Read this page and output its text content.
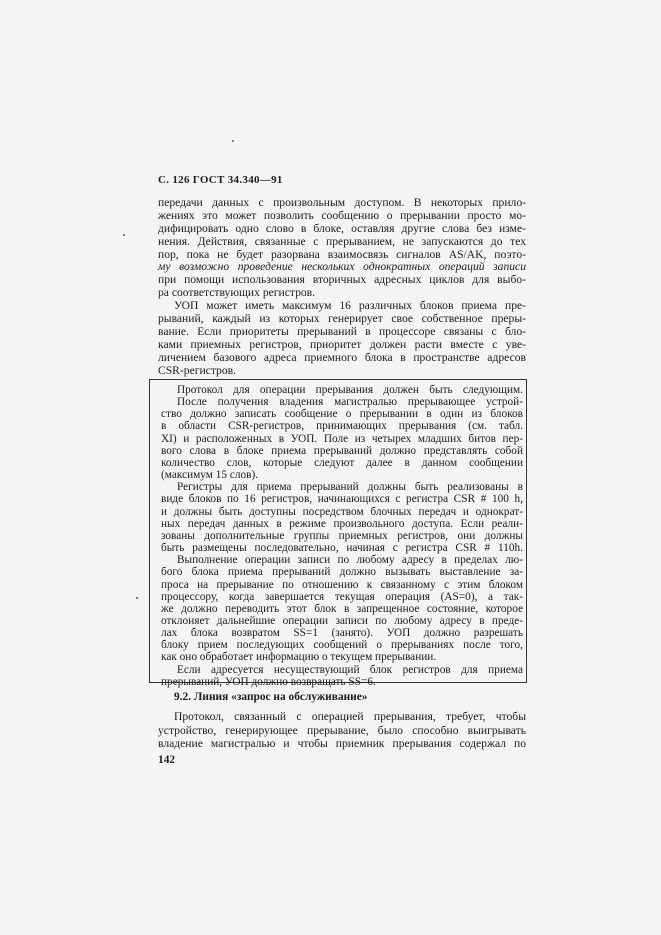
С. 126 ГОСТ 34.340—91
передачи данных с произвольным доступом. В некоторых прило-
жениях это может позволить сообщению о прерывании просто мо-
дифицировать одно слово в блоке, оставляя другие слова без изме-
нения. Действия, связанные с прерыванием, не запускаются до тех
пор, пока не будет разорвана взаимосвязь сигналов AS/AK, поэто-
му возможно проведение нескольких однократных операций записи
при помощи использования вторичных адресных циклов для выбо-
ра соответствующих регистров.
УОП может иметь максимум 16 различных блоков приема пре-
рываний, каждый из которых генерирует свое собственное преры-
вание. Если приоритеты прерываний в процессоре связаны с бло-
ками приемных регистров, приоритет должен расти вместе с уве-
личением базового адреса приемного блока в пространстве адресов
CSR-регистров.
Протокол для операции прерывания должен быть следующим.
После получения владения магистралью прерывающее устрой-
ство должно записать сообщение о прерывании в один из блоков
в области CSR-регистров, принимающих прерывания (см. табл.
XI) и расположенных в УОП. Поле из четырех младших битов пер-
вого слова в блоке приема прерываний должно представлять собой
количество слов, которые следуют далее в данном сообщении
(максимум 15 слов).
Регистры для приема прерываний должны быть реализованы в
виде блоков по 16 регистров, начинающихся с регистра CSR # 100 h,
и должны быть доступны посредством блочных передач и однократ-
ных передач данных в режиме произвольного доступа. Если реали-
зованы дополнительные группы приемных регистров, они должны
быть размещены последовательно, начиная с регистра CSR # 110h.
Выполнение операции записи по любому адресу в пределах лю-
бого блока приема прерываний должно вызывать выставление за-
проса на прерывание по отношению к связанному с этим блоком
процессору, когда завершается текущая операция (AS=0), а так-
же должно переводить этот блок в запрещенное состояние, которое
отклоняет дальнейшие операции записи по любому адресу в преде-
лах блока возвратом SS=1 (занято). УОП должно разрешать
блоку прием последующих сообщений о прерываниях после того,
как оно обработает информацию о текущем прерывании.
Если адресуется несуществующий блок регистров для приема
прерываний, УОП должно возвращать SS=6.
9.2. Линия «запрос на обслуживание»
Протокол, связанный с операцией прерывания, требует, чтобы
устройство, генерирующее прерывание, было способно выигрывать
владение магистралью и чтобы приемник прерывания содержал по
142
